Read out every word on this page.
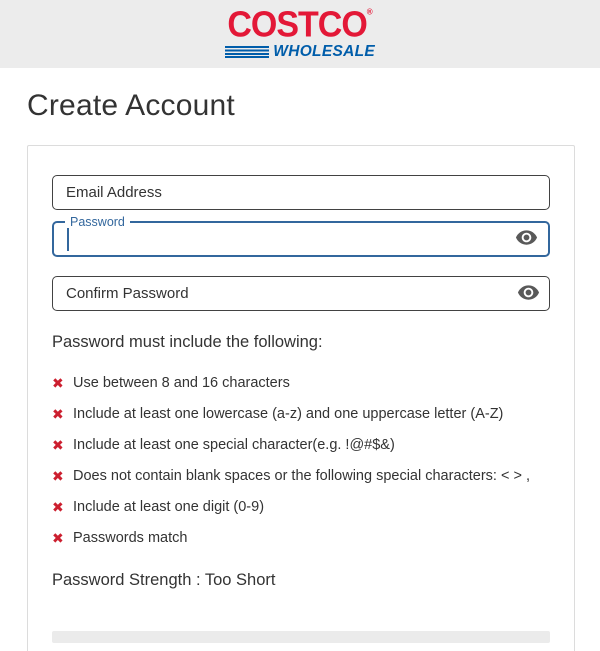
COSTCO®
WHOLESALE
Create Account
Email Address
Password
Confirm Password

Password must include the following:

✖ Use between 8 and 16 characters
✖ Include at least one lowercase (a-z) and one uppercase letter (A-Z)
✖ Include at least one special character(e.g. !@#$&)
✖ Does not contain blank spaces or the following special characters: < > ,
✖ Include at least one digit (0-9)
✖ Passwords match

Password Strength : Too Short
